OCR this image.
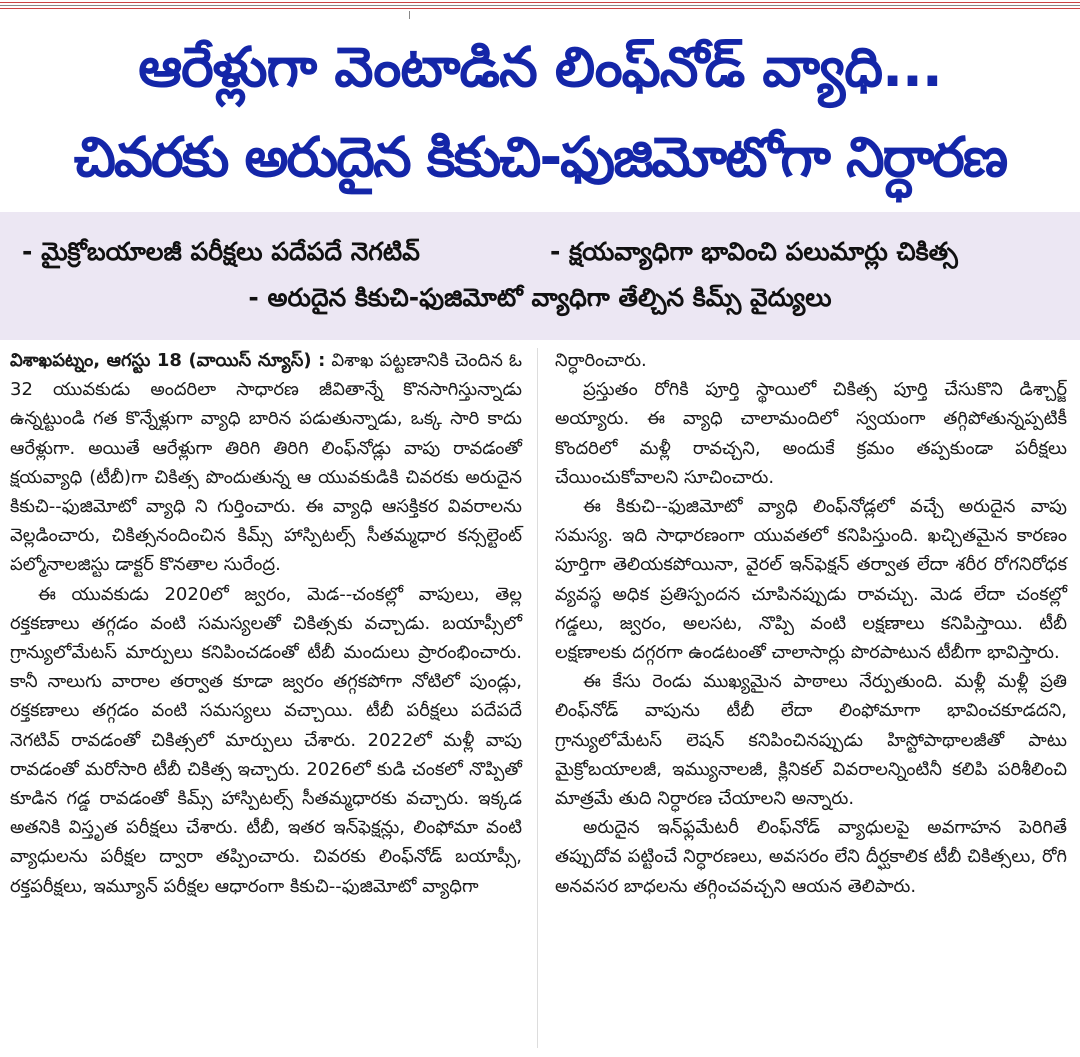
ఆరేళ్లుగా వెంటాడిన లింఫ్‌నోడ్ వ్యాధి...
చివరకు అరుదైన కికుచి-ఫుజిమోటోగా నిర్ధారణ
- మైక్రోబయాలజీ పరీక్షలు పదేపదే నెగటివ్	- క్షయవ్యాధిగా భావించి పలుమార్లు చికిత్స
- అరుదైన కికుచి-ఫుజిమోటో వ్యాధిగా తేల్చిన కిమ్స్ వైద్యులు

విశాఖపట్నం, ఆగస్టు 18 (వాయిస్ న్యూస్) : విశాఖ పట్టణానికి చెందిన ఓ 32 యువకుడు అందరిలా సాధారణ జీవితాన్నే కొనసాగిస్తున్నాడు ఉన్నట్టుండి గత కొన్నేళ్లుగా వ్యాధి బారిన పడుతున్నాడు, ఒక్క సారి కాదు ఆరేళ్లుగా. అయితే ఆరేళ్లుగా తిరిగి తిరిగి లింఫ్‌నోడ్లు వాపు రావడంతో క్షయవ్యాధి (టీబీ)గా చికిత్స పొందుతున్న ఆ యువకుడికి చివరకు అరుదైన కికుచి--ఫుజిమోటో వ్యాధి ని గుర్తించారు. ఈ వ్యాధి ఆసక్తికర వివరాలను వెల్లడించారు, చికిత్సనందించిన కిమ్స్ హాస్పిటల్స్ సీతమ్మధార కన్సల్టెంట్ పల్మోనాలజిస్టు డాక్టర్ కొనతాల సురేంద్ర.

ఈ యువకుడు 2020లో జ్వరం, మెడ--చంకల్లో వాపులు, తెల్ల రక్తకణాలు తగ్గడం వంటి సమస్యలతో చికిత్సకు వచ్చాడు. బయాప్సీలో గ్రాన్యులోమేటస్ మార్పులు కనిపించడంతో టీబీ మందులు ప్రారంభించారు. కానీ నాలుగు వారాల తర్వాత కూడా జ్వరం తగ్గకపోగా నోటిలో పుండ్లు, రక్తకణాలు తగ్గడం వంటి సమస్యలు వచ్చాయి. టీబీ పరీక్షలు పదేపదే నెగటివ్ రావడంతో చికిత్సలో మార్పులు చేశారు. 2022లో మళ్లీ వాపు రావడంతో మరోసారి టీబీ చికిత్స ఇచ్చారు. 2026లో కుడి చంకలో నొప్పితో కూడిన గడ్డ రావడంతో కిమ్స్ హాస్పిటల్స్ సీతమ్మధారకు వచ్చారు. ఇక్కడ అతనికి విస్తృత పరీక్షలు చేశారు. టీబీ, ఇతర ఇన్‌ఫెక్షన్లు, లింఫోమా వంటి వ్యాధులను పరీక్షల ద్వారా తప్పించారు. చివరకు లింఫ్‌నోడ్ బయాప్సీ, రక్తపరీక్షలు, ఇమ్యూన్ పరీక్షల ఆధారంగా కికుచి--ఫుజిమోటో వ్యాధిగా

నిర్ధారించారు.

ప్రస్తుతం రోగికి పూర్తి స్థాయిలో చికిత్స పూర్తి చేసుకొని డిశ్చార్జ్ అయ్యారు. ఈ వ్యాధి చాలామందిలో స్వయంగా తగ్గిపోతున్నప్పటికీ కొందరిలో మళ్లీ రావచ్చని, అందుకే క్రమం తప్పకుండా పరీక్షలు చేయించుకోవాలని సూచించారు.

ఈ కికుచి--ఫుజిమోటో వ్యాధి లింఫ్‌నోడ్లలో వచ్చే అరుదైన వాపు సమస్య. ఇది సాధారణంగా యువతలో కనిపిస్తుంది. ఖచ్చితమైన కారణం పూర్తిగా తెలియకపోయినా, వైరల్ ఇన్‌ఫెక్షన్ తర్వాత లేదా శరీర రోగనిరోధక వ్యవస్థ అధిక ప్రతిస్పందన చూపినప్పుడు రావచ్చు. మెడ లేదా చంకల్లో గడ్డలు, జ్వరం, అలసట, నొప్పి వంటి లక్షణాలు కనిపిస్తాయి. టీబీ లక్షణాలకు దగ్గరగా ఉండటంతో చాలాసార్లు పొరపాటున టీబీగా భావిస్తారు.

ఈ కేసు రెండు ముఖ్యమైన పాఠాలు నేర్పుతుంది. మళ్లీ మళ్లీ ప్రతి లింఫ్‌నోడ్ వాపును టీబీ లేదా లింఫోమాగా భావించకూడదని, గ్రాన్యులోమేటస్ లెషన్ కనిపించినప్పుడు హిస్టోపాథాలజీతో పాటు మైక్రోబయాలజీ, ఇమ్యునాలజీ, క్లినికల్ వివరాలన్నింటినీ కలిపి పరిశీలించి మాత్రమే తుది నిర్ధారణ చేయాలని అన్నారు.

అరుదైన ఇన్‌ఫ్లమేటరీ లింఫ్‌నోడ్ వ్యాధులపై అవగాహన పెరిగితే తప్పుదోవ పట్టించే నిర్ధారణలు, అవసరం లేని దీర్ఘకాలిక టీబీ చికిత్సలు, రోగి అనవసర బాధలను తగ్గించవచ్చని ఆయన తెలిపారు.
